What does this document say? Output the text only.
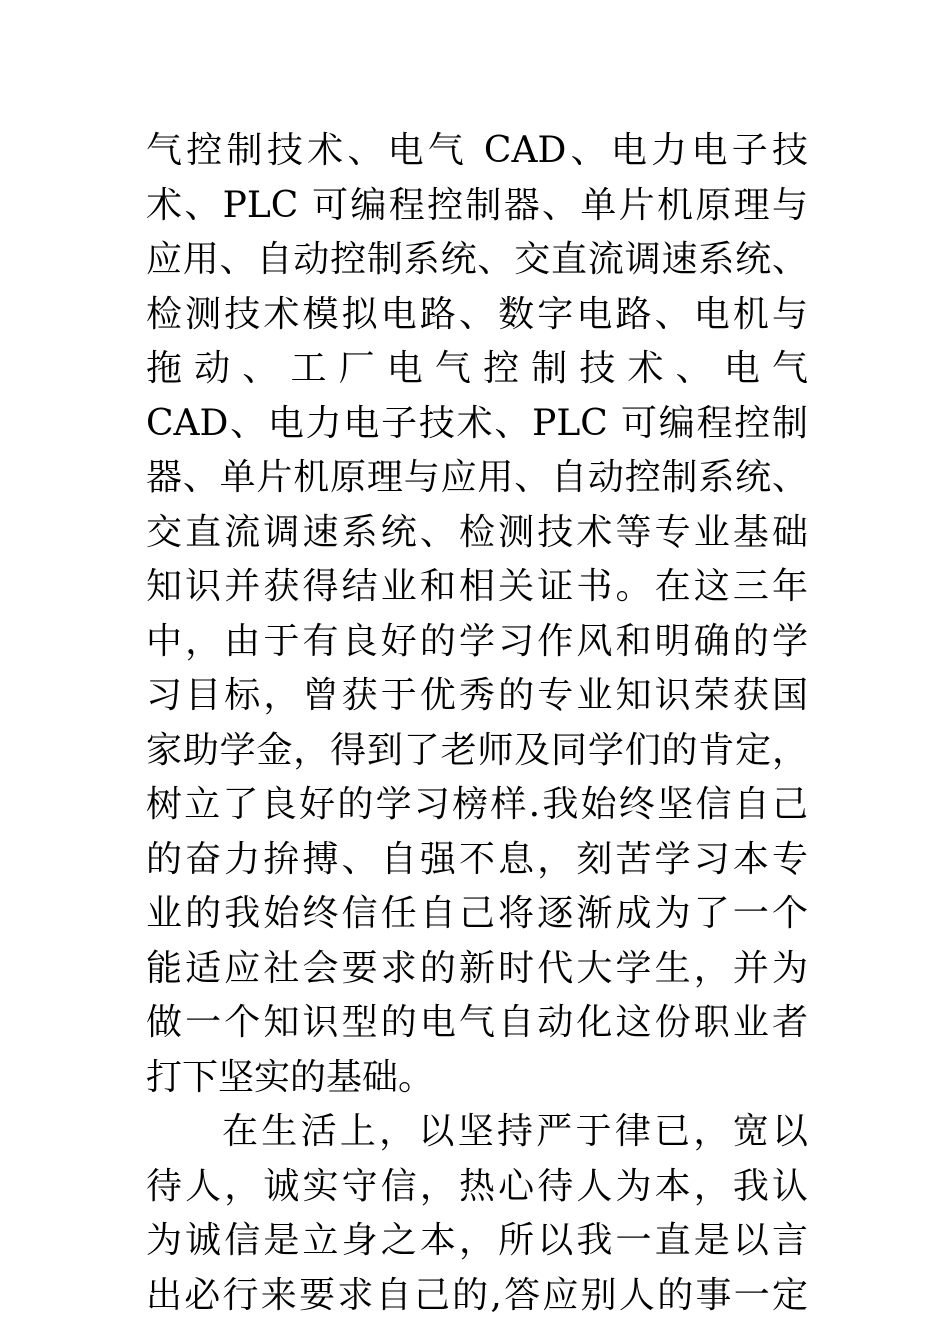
气控制技术、电气 CAD、电力电子技
术、PLC 可编程控制器、单片机原理与
应用、自动控制系统、交直流调速系统、
检测技术模拟电路、数字电路、电机与
拖动、工厂电气控制技术、电气
CAD、电力电子技术、PLC 可编程控制
器、单片机原理与应用、自动控制系统、
交直流调速系统、检测技术等专业基础
知识并获得结业和相关证书。在这三年
中，由于有良好的学习作风和明确的学
习目标，曾获于优秀的专业知识荣获国
家助学金，得到了老师及同学们的肯定，
树立了良好的学习榜样.我始终坚信自己
的奋力拚搏、自强不息，刻苦学习本专
业的我始终信任自己将逐渐成为了一个
能适应社会要求的新时代大学生，并为
做一个知识型的电气自动化这份职业者
打下坚实的基础。
在生活上，以坚持严于律已，宽以
待人，诚实守信，热心待人为本，我认
为诚信是立身之本，所以我一直是以言
出必行来要求自己的,答应别人的事一定
